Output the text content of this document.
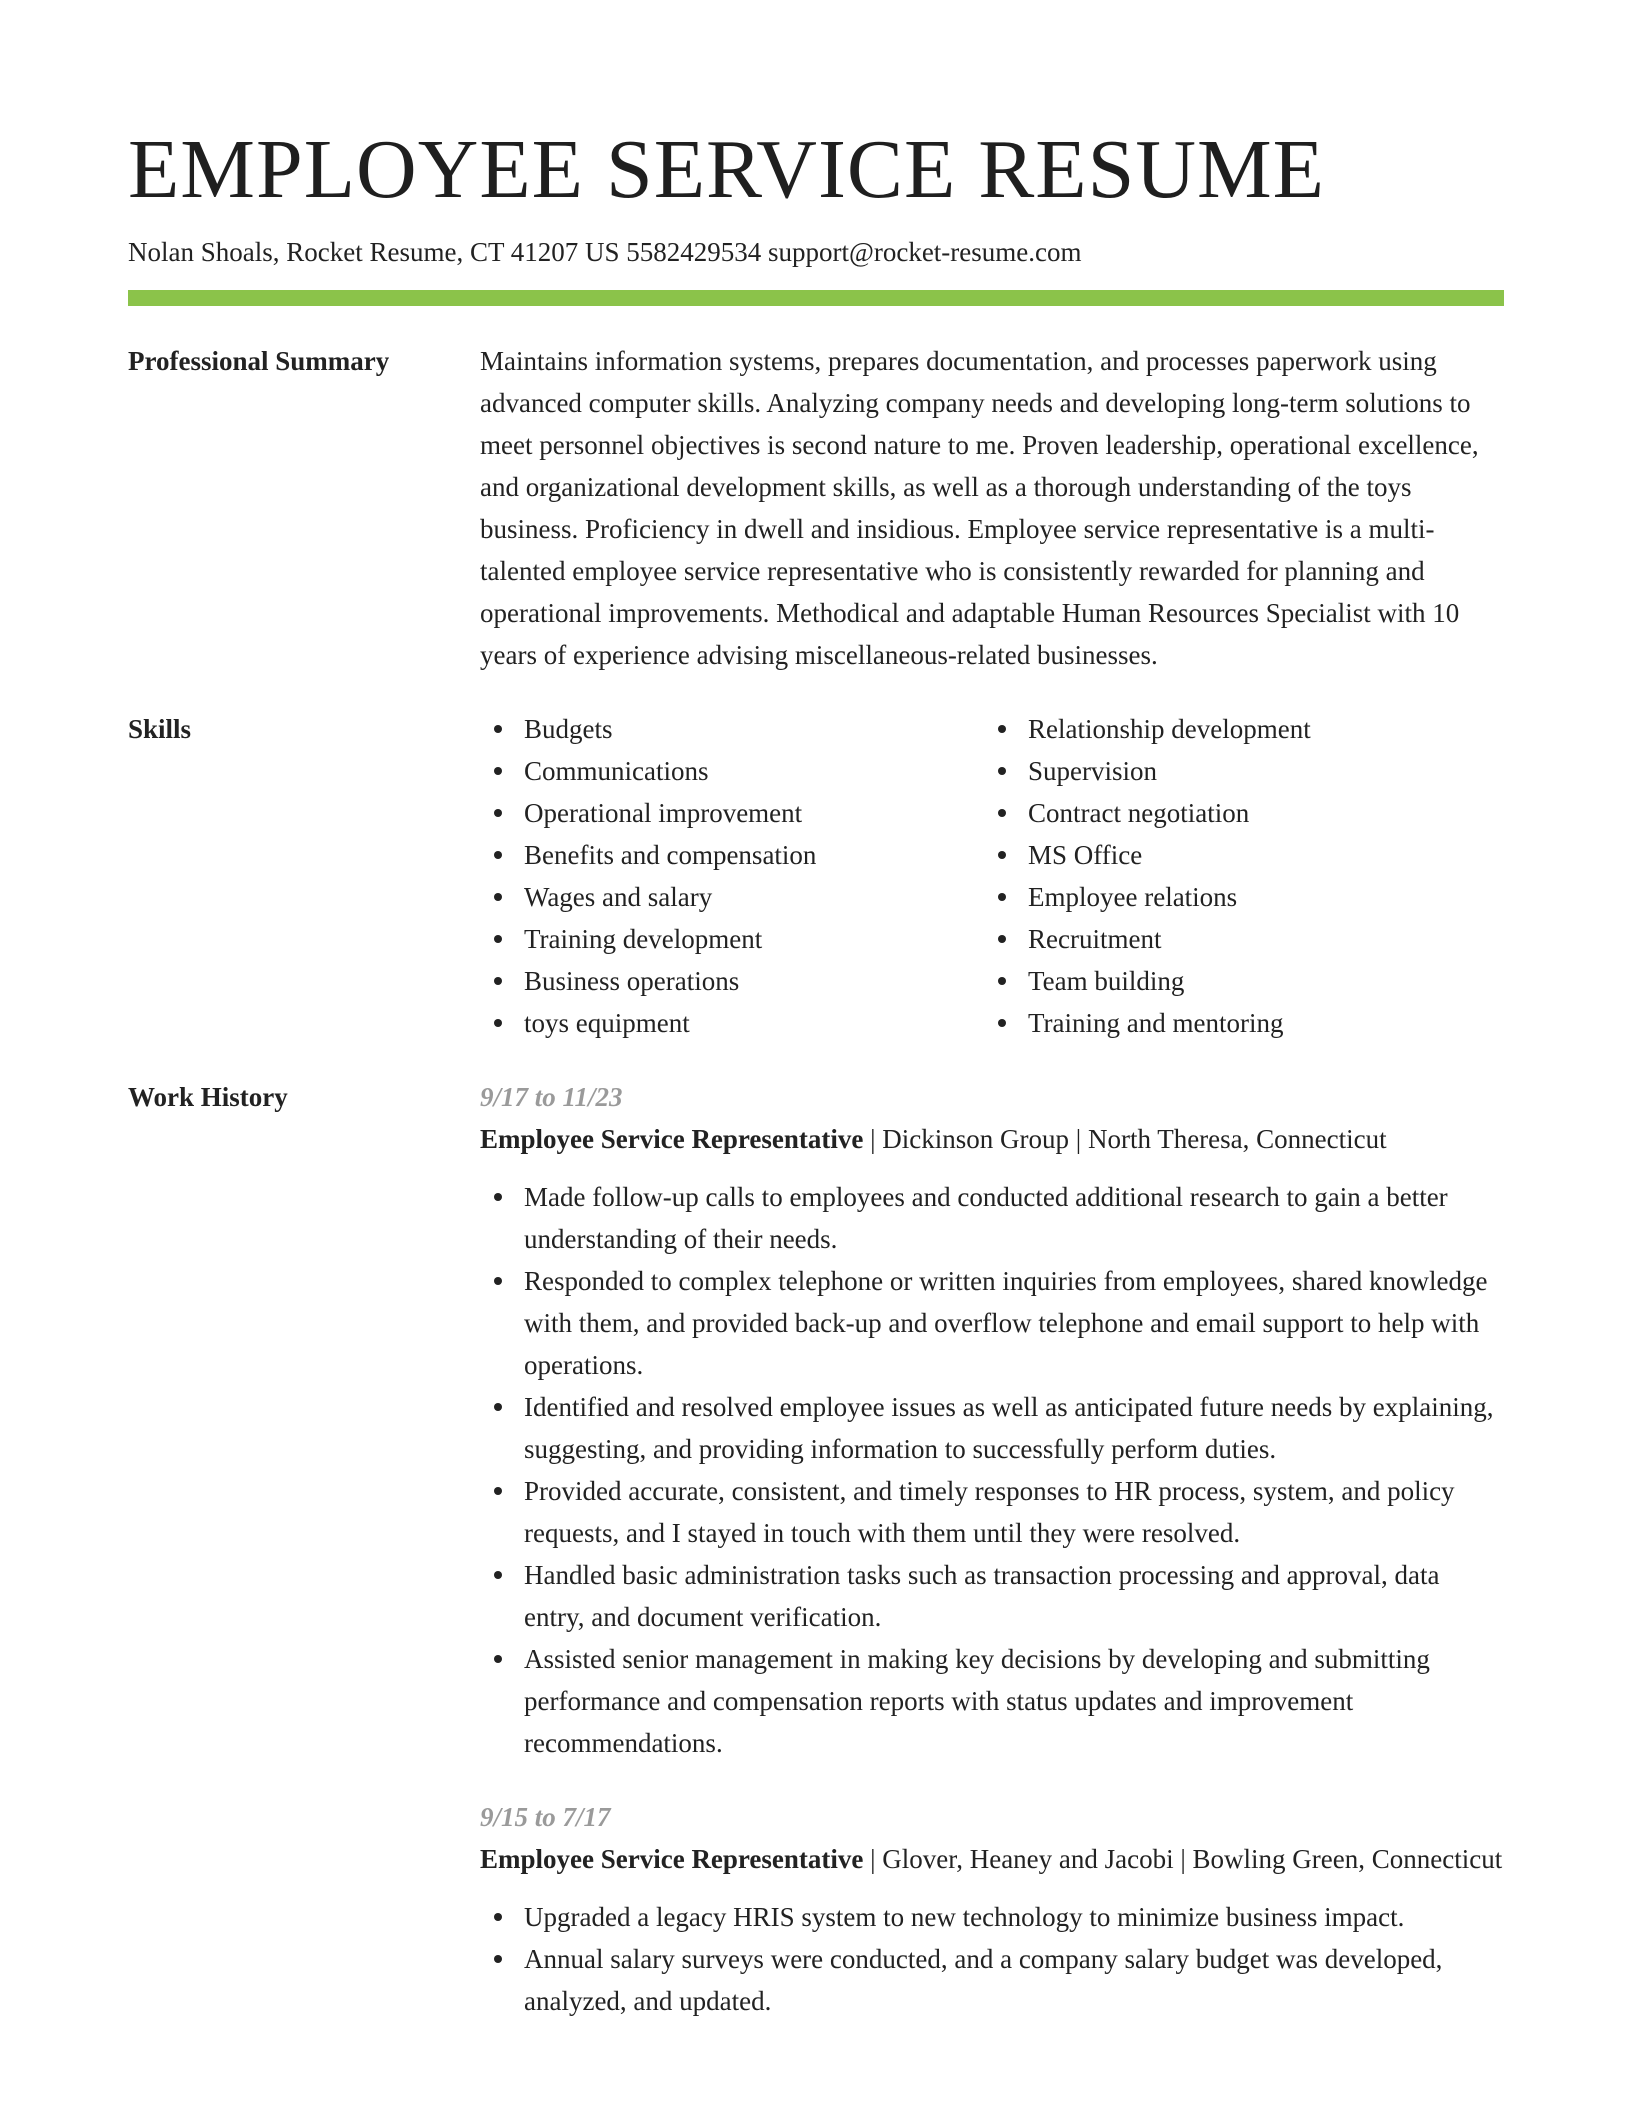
EMPLOYEE SERVICE RESUME
Nolan Shoals, Rocket Resume, CT 41207 US 5582429534 support@rocket-resume.com
Professional Summary	Maintains information systems, prepares documentation, and processes paperwork using advanced computer skills. Analyzing company needs and developing long-term solutions to meet personnel objectives is second nature to me. Proven leadership, operational excellence, and organizational development skills, as well as a thorough understanding of the toys business. Proficiency in dwell and insidious. Employee service representative is a multi-talented employee service representative who is consistently rewarded for planning and operational improvements. Methodical and adaptable Human Resources Specialist with 10 years of experience advising miscellaneous-related businesses.

Skills	Budgets
Communications
Operational improvement
Benefits and compensation
Wages and salary
Training development
Business operations
toys equipment
Relationship development
Supervision
Contract negotiation
MS Office
Employee relations
Recruitment
Team building
Training and mentoring
Work History	9/17 to 11/23
Employee Service Representative | Dickinson Group | North Theresa, Connecticut
Made follow-up calls to employees and conducted additional research to gain a better understanding of their needs.
Responded to complex telephone or written inquiries from employees, shared knowledge with them, and provided back-up and overflow telephone and email support to help with operations.
Identified and resolved employee issues as well as anticipated future needs by explaining, suggesting, and providing information to successfully perform duties.
Provided accurate, consistent, and timely responses to HR process, system, and policy requests, and I stayed in touch with them until they were resolved.
Handled basic administration tasks such as transaction processing and approval, data entry, and document verification.
Assisted senior management in making key decisions by developing and submitting performance and compensation reports with status updates and improvement recommendations.
9/15 to 7/17
Employee Service Representative | Glover, Heaney and Jacobi | Bowling Green, Connecticut
Upgraded a legacy HRIS system to new technology to minimize business impact.
Annual salary surveys were conducted, and a company salary budget was developed, analyzed, and updated.
